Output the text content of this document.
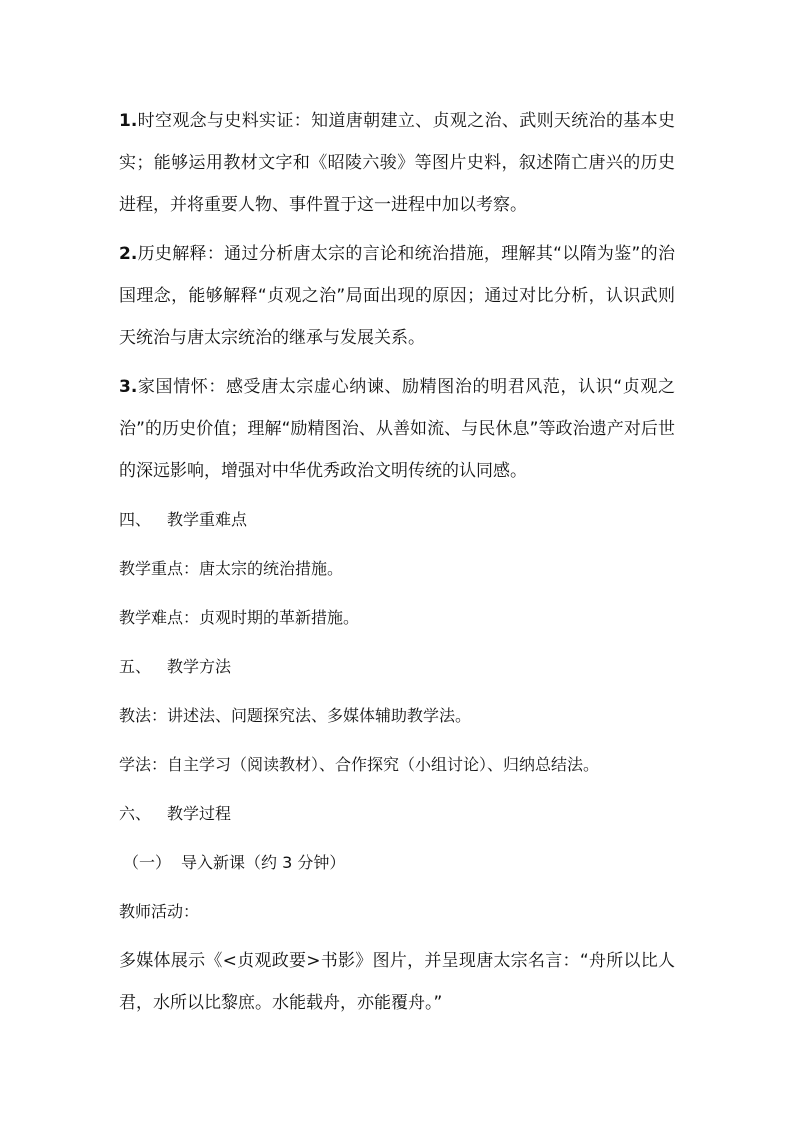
1.时空观念与史料实证：知道唐朝建立、贞观之治、武则天统治的基本史实；能够运用教材文字和《昭陵六骏》等图片史料，叙述隋亡唐兴的历史进程，并将重要人物、事件置于这一进程中加以考察。

2.历史解释：通过分析唐太宗的言论和统治措施，理解其“以隋为鉴”的治国理念，能够解释“贞观之治”局面出现的原因；通过对比分析，认识武则天统治与唐太宗统治的继承与发展关系。

3.家国情怀：感受唐太宗虚心纳谏、励精图治的明君风范，认识“贞观之治”的历史价值；理解“励精图治、从善如流、与民休息”等政治遗产对后世的深远影响，增强对中华优秀政治文明传统的认同感。

四、 教学重难点

教学重点：唐太宗的统治措施。

教学难点：贞观时期的革新措施。

五、 教学方法

教法：讲述法、问题探究法、多媒体辅助教学法。

学法：自主学习（阅读教材）、合作探究（小组讨论）、归纳总结法。

六、 教学过程

（一） 导入新课（约 3 分钟）

教师活动：

多媒体展示《<贞观政要>书影》图片，并呈现唐太宗名言：“舟所以比人君，水所以比黎庶。水能载舟，亦能覆舟。”
